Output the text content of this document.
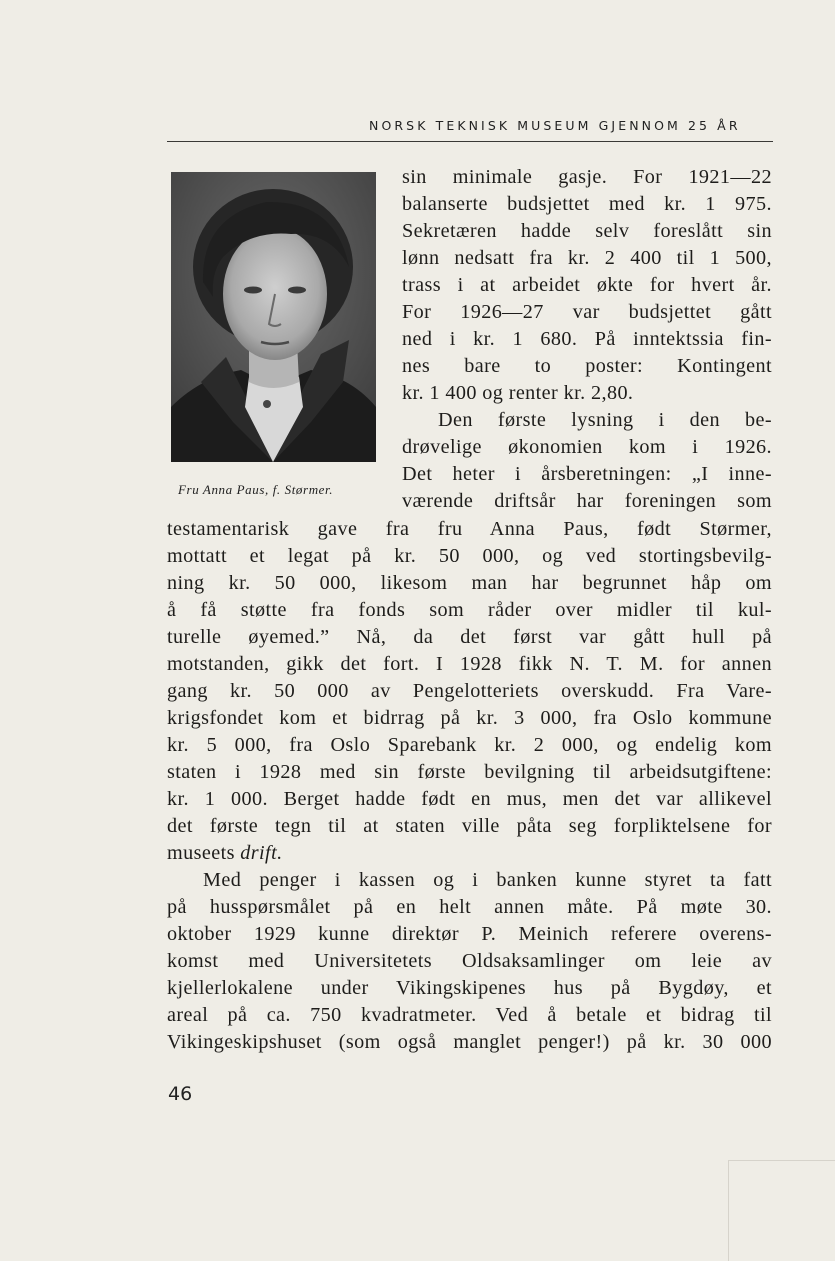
NORSK TEKNISK MUSEUM GJENNOM 25 ÅR
Fru Anna Paus, f. Størmer.
sin minimale gasje. For 1921—22
balanserte budsjettet med kr. 1 975.
Sekretæren hadde selv foreslått sin
lønn nedsatt fra kr. 2 400 til 1 500,
trass i at arbeidet økte for hvert år.
For 1926—27 var budsjettet gått
ned i kr. 1 680. På inntektssia fin-
nes bare to poster: Kontingent
kr. 1 400 og renter kr. 2,80.
Den første lysning i den be-
drøvelige økonomien kom i 1926.
Det heter i årsberetningen: „I inne-
værende driftsår har foreningen som
testamentarisk gave fra fru Anna Paus, født Størmer,
mottatt et legat på kr. 50 000, og ved stortingsbevilg-
ning kr. 50 000, likesom man har begrunnet håp om
å få støtte fra fonds som råder over midler til kul-
turelle øyemed.” Nå, da det først var gått hull på
motstanden, gikk det fort. I 1928 fikk N. T. M. for annen
gang kr. 50 000 av Pengelotteriets overskudd. Fra Vare-
krigsfondet kom et bidrrag på kr. 3 000, fra Oslo kommune
kr. 5 000, fra Oslo Sparebank kr. 2 000, og endelig kom
staten i 1928 med sin første bevilgning til arbeidsutgiftene:
kr. 1 000. Berget hadde født en mus, men det var allikevel
det første tegn til at staten ville påta seg forpliktelsene for
museets drift.
Med penger i kassen og i banken kunne styret ta fatt
på husspørsmålet på en helt annen måte. På møte 30.
oktober 1929 kunne direktør P. Meinich referere overens-
komst med Universitetets Oldsaksamlinger om leie av
kjellerlokalene under Vikingskipenes hus på Bygdøy, et
areal på ca. 750 kvadratmeter. Ved å betale et bidrag til
Vikingeskipshuset (som også manglet penger!) på kr. 30 000
46
